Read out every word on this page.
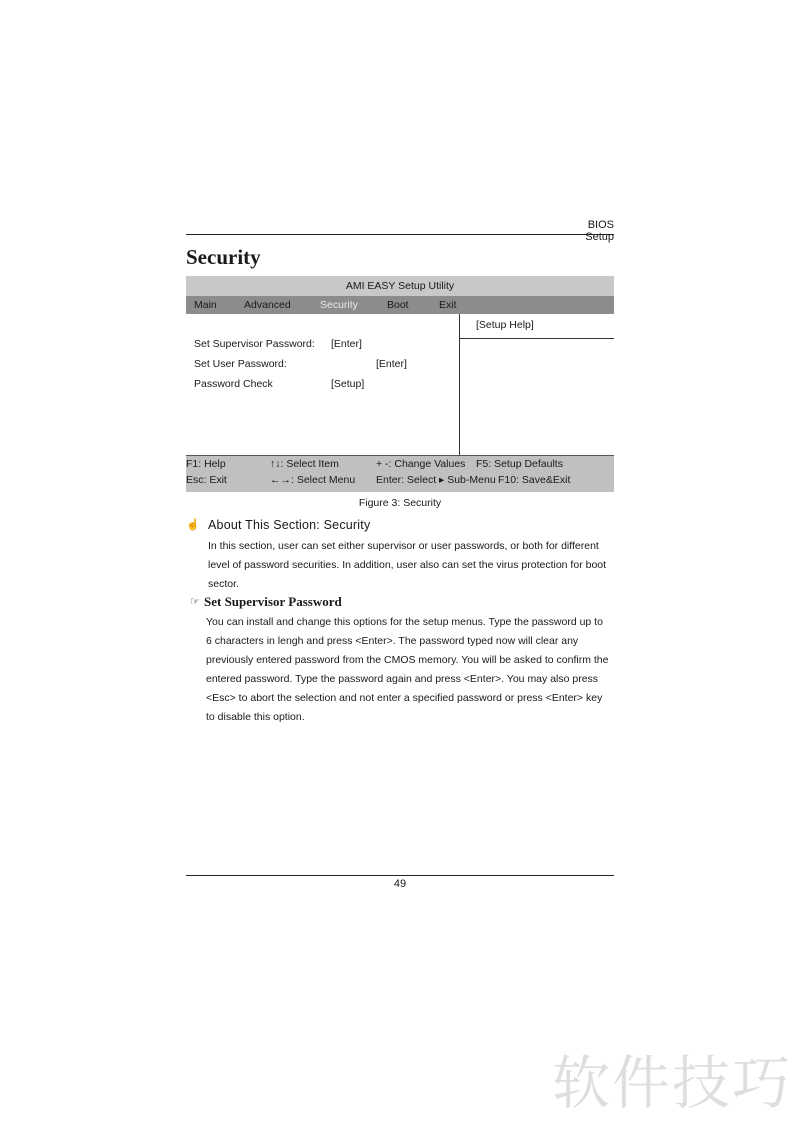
BIOS Setup
Security
AMI EASY Setup Utility
Main	Advanced	Security	Boot	Exit
[Setup Help]
Set Supervisor Password: [Enter]
Set User Password:	[Enter]
Password Check	[Setup]
F1: Help	↑↓: Select Item	+ -: Change Values F5: Setup Defaults
Esc: Exit	←→: Select Menu Enter: Select ▸ Sub-Menu F10: Save&Exit
Figure 3: Security
☝ About This Section: Security
In this section, user can set either supervisor or user passwords, or both for different level of password securities. In addition, user also can set the virus protection for boot sector.
☞ Set Supervisor Password
You can install and change this options for the setup menus. Type the password up to 6 characters in lengh and press <Enter>. The password typed now will clear any previously entered password from the CMOS memory. You will be asked to confirm the entered password. Type the password again and press <Enter>. You may also press <Esc> to abort the selection and not enter a specified password or press <Enter> key to disable this option.
49
软件技巧
